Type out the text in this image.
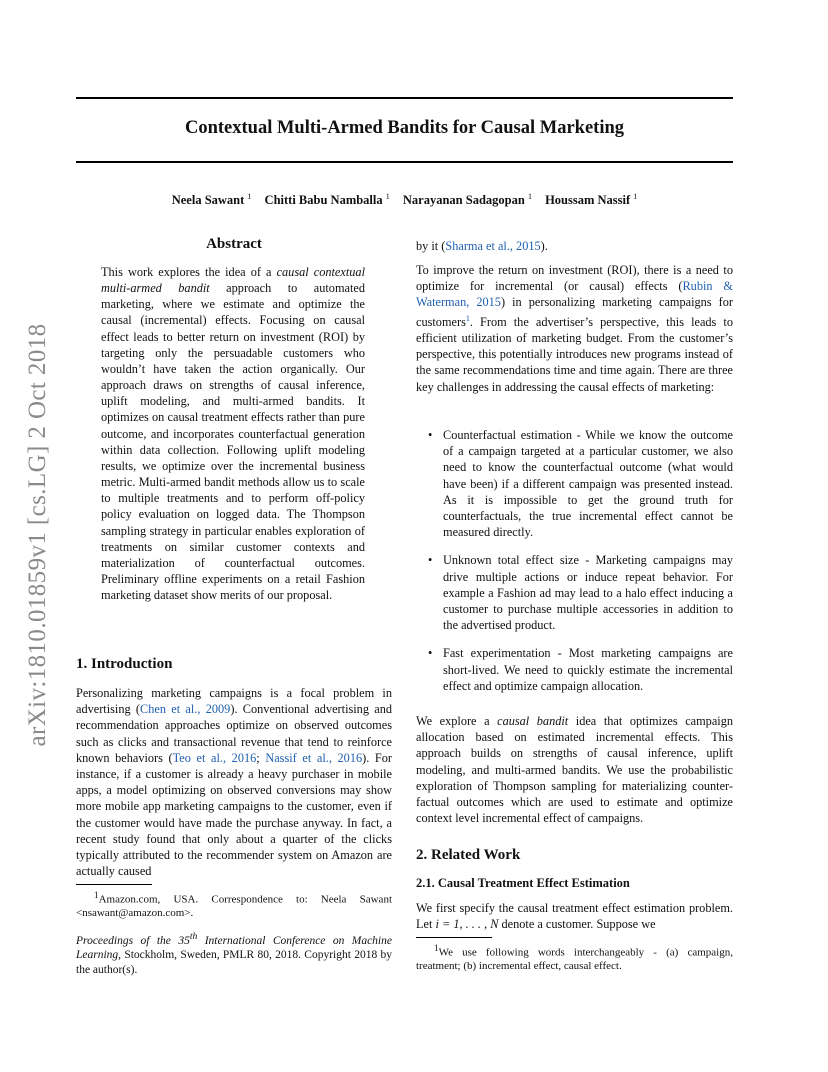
arXiv:1810.01859v1 [cs.LG] 2 Oct 2018
Contextual Multi-Armed Bandits for Causal Marketing
Neela Sawant $^1$ Chitti Babu Namballa $^1$ Narayanan Sadagopan $^1$ Houssam Nassif $^1$
Abstract
This work explores the idea of a causal contextual multi-armed bandit approach to automated marketing, where we estimate and optimize the causal (incremental) effects. Focusing on causal effect leads to better return on investment (ROI) by targeting only the persuadable customers who wouldn’t have taken the action organically. Our approach draws on strengths of causal inference, uplift modeling, and multi-armed bandits. It optimizes on causal treatment effects rather than pure outcome, and incorporates counterfactual generation within data collection. Following uplift modeling results, we optimize over the incremental business metric. Multi-armed bandit methods allow us to scale to multiple treatments and to perform off-policy policy evaluation on logged data. The Thompson sampling strategy in particular enables exploration of treatments on similar customer contexts and materialization of counterfactual outcomes. Preliminary offline experiments on a retail Fashion marketing dataset show merits of our proposal.
1. Introduction
Personalizing marketing campaigns is a focal problem in advertising (Chen et al., 2009). Conventional advertising and recommendation approaches optimize on observed outcomes such as clicks and transactional revenue that tend to reinforce known behaviors (Teo et al., 2016; Nassif et al., 2016). For instance, if a customer is already a heavy purchaser in mobile apps, a model optimizing on observed conversions may show more mobile app marketing campaigns to the customer, even if the customer would have made the purchase anyway. In fact, a recent study found that only about a quarter of the clicks typically attributed to the recommender system on Amazon are actually caused
$^1$Amazon.com, USA. Correspondence to: Neela Sawant <nsawant@amazon.com>.
Proceedings of the 35th International Conference on Machine Learning, Stockholm, Sweden, PMLR 80, 2018. Copyright 2018 by the author(s).
by it (Sharma et al., 2015).
To improve the return on investment (ROI), there is a need to optimize for incremental (or causal) effects (Rubin & Waterman, 2015) in personalizing marketing campaigns for customers$^1$. From the advertiser’s perspective, this leads to efficient utilization of marketing budget. From the customer’s perspective, this potentially introduces new programs instead of the same recommendations time and time again. There are three key challenges in addressing the causal effects of marketing:
• Counterfactual estimation - While we know the outcome of a campaign targeted at a particular customer, we also need to know the counterfactual outcome (what would have been) if a different campaign was presented instead. As it is impossible to get the ground truth for counterfactuals, the true incremental effect cannot be measured directly.
• Unknown total effect size - Marketing campaigns may drive multiple actions or induce repeat behavior. For example a Fashion ad may lead to a halo effect inducing a customer to purchase multiple accessories in addition to the advertised product.
• Fast experimentation - Most marketing campaigns are short-lived. We need to quickly estimate the incremental effect and optimize campaign allocation.
We explore a causal bandit idea that optimizes campaign allocation based on estimated incremental effects. This approach builds on strengths of causal inference, uplift modeling, and multi-armed bandits. We use the probabilistic exploration of Thompson sampling for materializing counter-factual outcomes which are used to estimate and optimize context level incremental effect of campaigns.
2. Related Work
2.1. Causal Treatment Effect Estimation
We first specify the causal treatment effect estimation problem. Let i = 1, . . . , N denote a customer. Suppose we
$^1$We use following words interchangeably - (a) campaign, treatment; (b) incremental effect, causal effect.
